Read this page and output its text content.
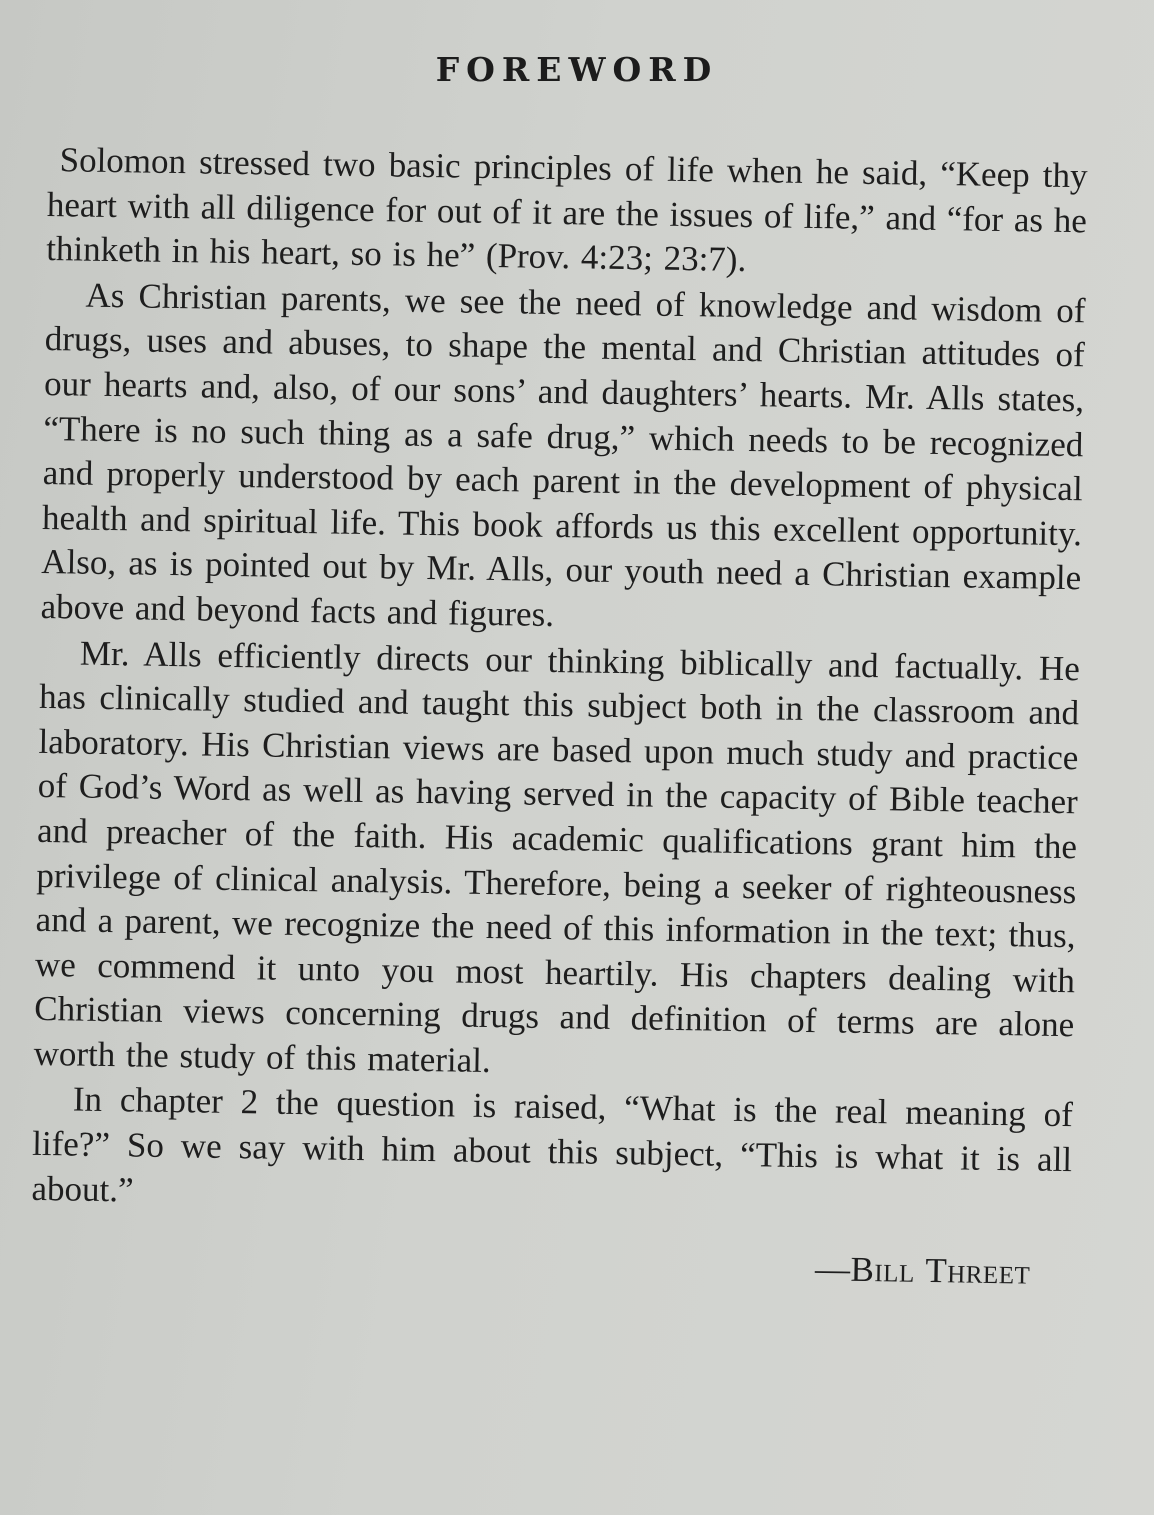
FOREWORD

Solomon stressed two basic principles of life when he said, “Keep thy heart with all diligence for out of it are the issues of life,” and “for as he thinketh in his heart, so is he” (Prov. 4:23; 23:7).

As Christian parents, we see the need of knowledge and wisdom of drugs, uses and abuses, to shape the mental and Christian attitudes of our hearts and, also, of our sons’ and daughters’ hearts. Mr. Alls states, “There is no such thing as a safe drug,” which needs to be recognized and properly understood by each parent in the development of physical health and spiritual life. This book affords us this excellent opportunity. Also, as is pointed out by Mr. Alls, our youth need a Christian example above and beyond facts and figures.

Mr. Alls efficiently directs our thinking biblically and factually. He has clinically studied and taught this subject both in the classroom and laboratory. His Christian views are based upon much study and practice of God’s Word as well as having served in the capacity of Bible teacher and preacher of the faith. His academic qualifications grant him the privilege of clinical analysis. Therefore, being a seeker of righteousness and a parent, we recognize the need of this information in the text; thus, we commend it unto you most heartily. His chapters dealing with Christian views concerning drugs and definition of terms are alone worth the study of this material.

In chapter 2 the question is raised, “What is the real meaning of life?” So we say with him about this subject, “This is what it is all about.”

—Bill Threet
